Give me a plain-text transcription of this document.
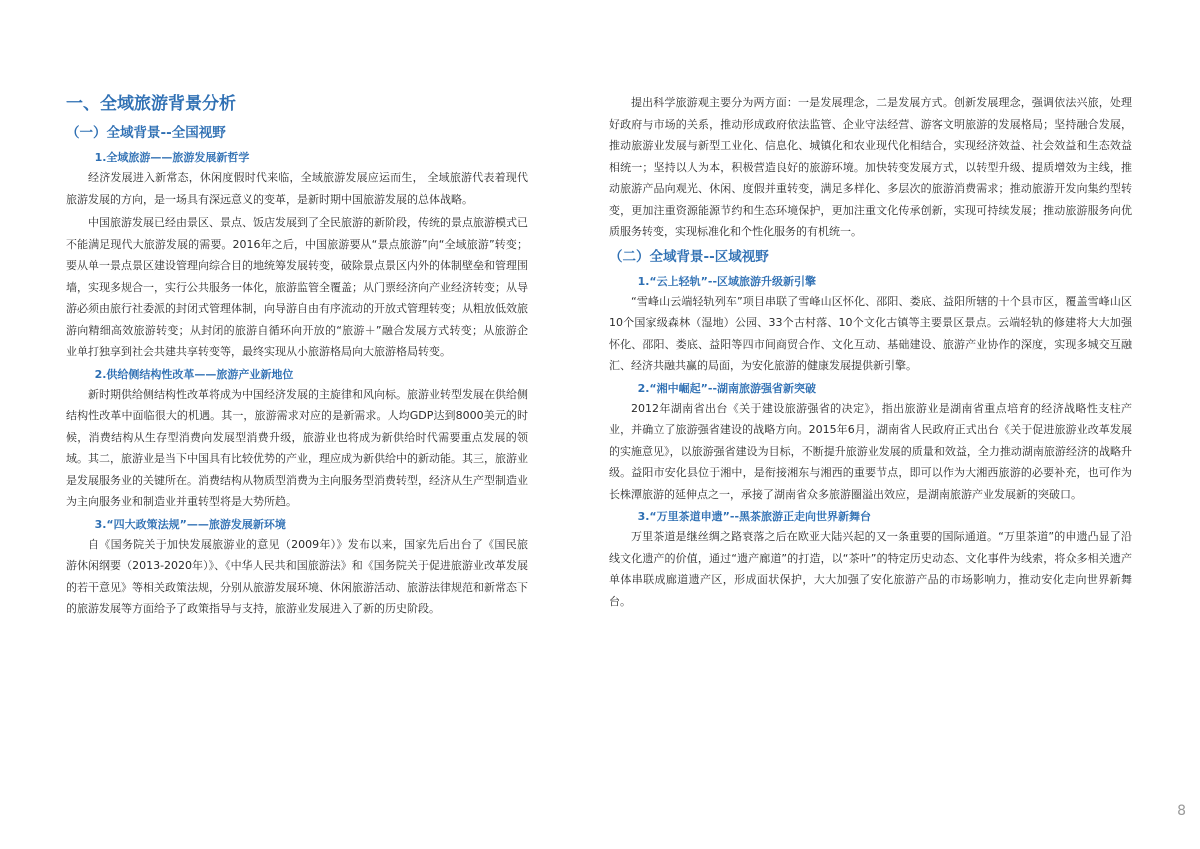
一、全域旅游背景分析
（一）全域背景--全国视野
1.全域旅游——旅游发展新哲学

经济发展进入新常态，休闲度假时代来临，全域旅游发展应运而生， 全域旅游代表着现代旅游发展的方向，是一场具有深远意义的变革，是新时期中国旅游发展的总体战略。

中国旅游发展已经由景区、景点、饭店发展到了全民旅游的新阶段，传统的景点旅游模式已不能满足现代大旅游发展的需要。2016年之后，中国旅游要从“景点旅游”向“全域旅游”转变；要从单一景点景区建设管理向综合目的地统筹发展转变，破除景点景区内外的体制壁垒和管理围墙，实现多规合一，实行公共服务一体化，旅游监管全覆盖；从门票经济向产业经济转变；从导游必须由旅行社委派的封闭式管理体制，向导游自由有序流动的开放式管理转变；从粗放低效旅游向精细高效旅游转变；从封闭的旅游自循环向开放的“旅游＋”融合发展方式转变；从旅游企业单打独享到社会共建共享转变等，最终实现从小旅游格局向大旅游格局转变。

2.供给侧结构性改革——旅游产业新地位

新时期供给侧结构性改革将成为中国经济发展的主旋律和风向标。旅游业转型发展在供给侧结构性改革中面临很大的机遇。其一，旅游需求对应的是新需求。人均GDP达到8000美元的时候，消费结构从生存型消费向发展型消费升级，旅游业也将成为新供给时代需要重点发展的领域。其二，旅游业是当下中国具有比较优势的产业，理应成为新供给中的新动能。其三，旅游业是发展服务业的关键所在。消费结构从物质型消费为主向服务型消费转型，经济从生产型制造业为主向服务业和制造业并重转型将是大势所趋。

3.“四大政策法规”——旅游发展新环境

自《国务院关于加快发展旅游业的意见（2009年）》发布以来，国家先后出台了《国民旅游休闲纲要（2013-2020年）》、《中华人民共和国旅游法》和《国务院关于促进旅游业改革发展的若干意见》等相关政策法规，分别从旅游发展环境、休闲旅游活动、旅游法律规范和新常态下的旅游发展等方面给予了政策指导与支持，旅游业发展进入了新的历史阶段。

提出科学旅游观主要分为两方面：一是发展理念，二是发展方式。创新发展理念，强调依法兴旅，处理好政府与市场的关系，推动形成政府依法监管、企业守法经营、游客文明旅游的发展格局；坚持融合发展，推动旅游业发展与新型工业化、信息化、城镇化和农业现代化相结合，实现经济效益、社会效益和生态效益相统一；坚持以人为本，积极营造良好的旅游环境。加快转变发展方式，以转型升级、提质增效为主线，推动旅游产品向观光、休闲、度假并重转变，满足多样化、多层次的旅游消费需求；推动旅游开发向集约型转变，更加注重资源能源节约和生态环境保护，更加注重文化传承创新，实现可持续发展；推动旅游服务向优质服务转变，实现标准化和个性化服务的有机统一。

（二）全域背景--区域视野
1.“云上轻轨”--区域旅游升级新引擎

“雪峰山云端轻轨列车”项目串联了雪峰山区怀化、邵阳、娄底、益阳所辖的十个县市区，覆盖雪峰山区10个国家级森林（湿地）公园、33个古村落、10个文化古镇等主要景区景点。云端轻轨的修建将大大加强怀化、邵阳、娄底、益阳等四市间商贸合作、文化互动、基础建设、旅游产业协作的深度，实现多城交互融汇、经济共融共赢的局面，为安化旅游的健康发展提供新引擎。

2.“湘中崛起”--湖南旅游强省新突破

2012年湖南省出台《关于建设旅游强省的决定》，指出旅游业是湖南省重点培育的经济战略性支柱产业，并确立了旅游强省建设的战略方向。2015年6月，湖南省人民政府正式出台《关于促进旅游业改革发展的实施意见》，以旅游强省建设为目标，不断提升旅游业发展的质量和效益，全力推动湖南旅游经济的战略升级。益阳市安化县位于湘中，是衔接湘东与湘西的重要节点，即可以作为大湘西旅游的必要补充，也可作为长株潭旅游的延伸点之一，承接了湖南省众多旅游圈溢出效应，是湖南旅游产业发展新的突破口。

3.“万里茶道申遗”--黑茶旅游正走向世界新舞台

万里茶道是继丝绸之路衰落之后在欧亚大陆兴起的又一条重要的国际通道。“万里茶道”的申遗凸显了沿线文化遗产的价值，通过“遗产廊道”的打造，以“茶叶”的特定历史动态、文化事件为线索，将众多相关遗产单体串联成廊道遗产区，形成面状保护，大大加强了安化旅游产品的市场影响力，推动安化走向世界新舞台。

8
